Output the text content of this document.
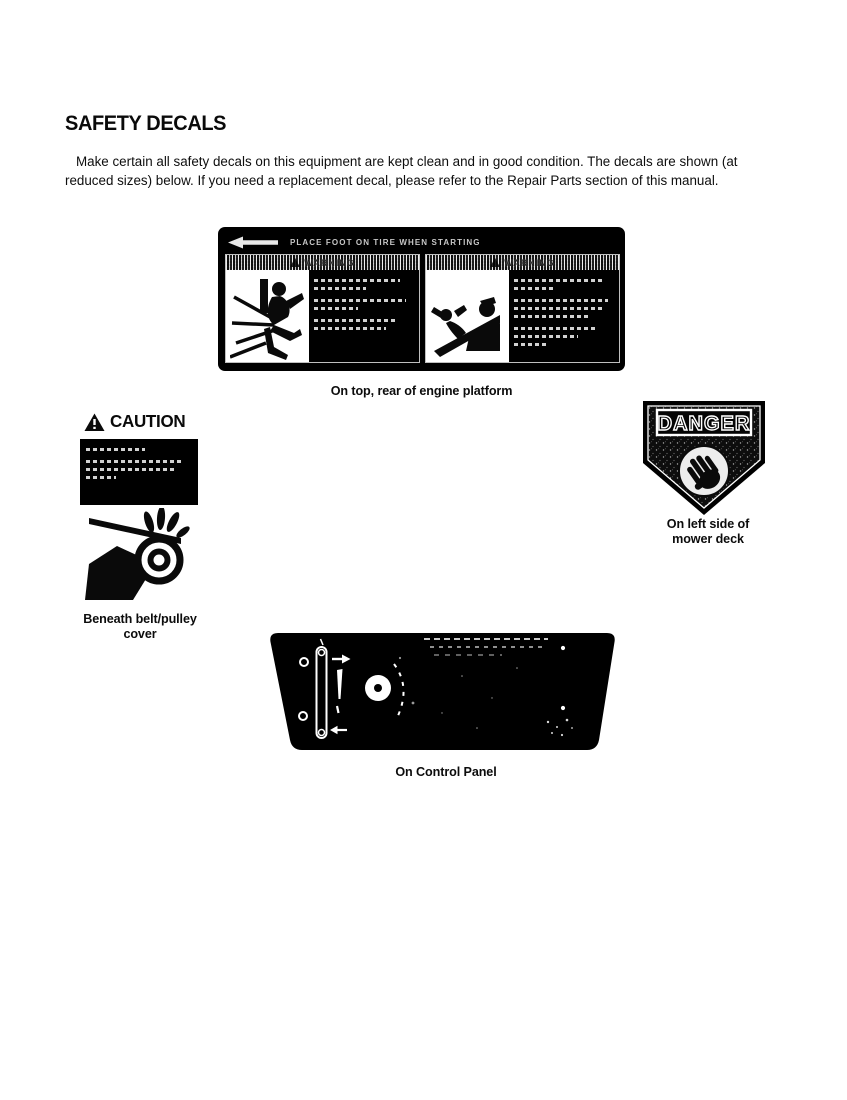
SAFETY DECALS
Make certain all safety decals on this equipment are kept clean and in good condition. The decals are shown (at
reduced sizes) below. If you need a replacement decal, please refer to the Repair Parts section of this manual.
PLACE FOOT ON TIRE WHEN STARTING
WARNING	WARNING
On top, rear of engine platform
CAUTION
Beneath belt/pulley
cover
DANGER
On left side of
mower deck
On Control Panel
